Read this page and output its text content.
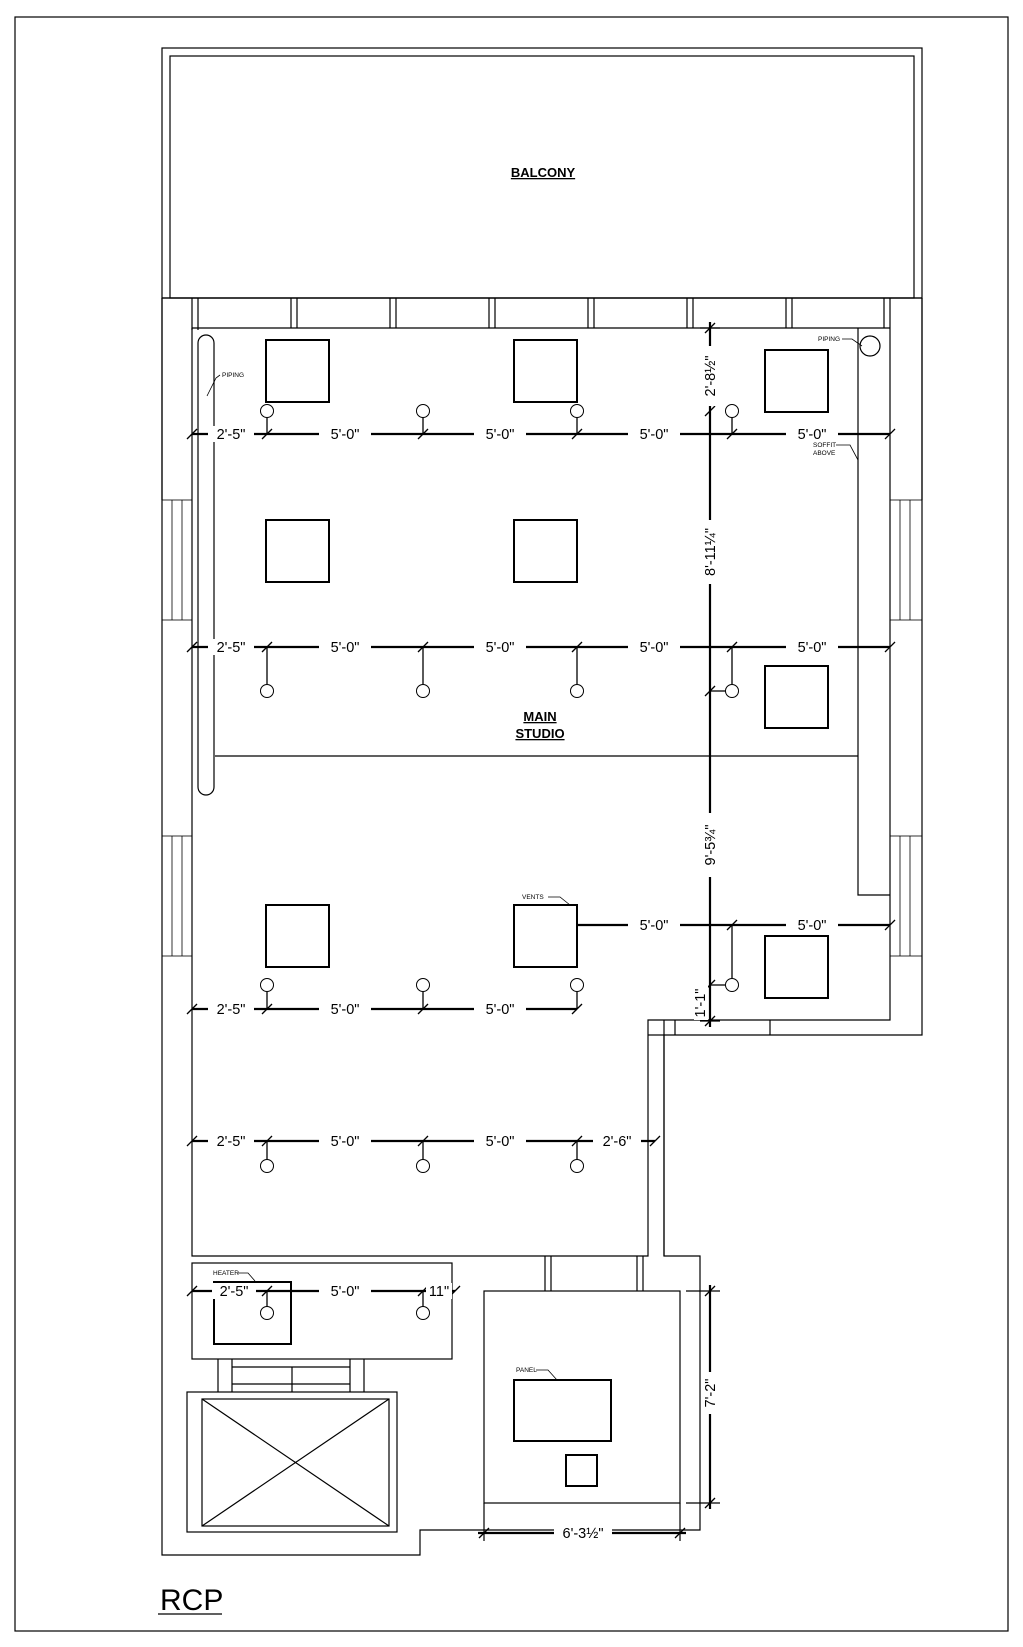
BALCONY
2'-5"	5'-0"	5'-0"	5'-0"	5'-0"
2'-5"	5'-0"	5'-0"	5'-0"	5'-0"
5'-0"	5'-0"
2'-5"	5'-0"	5'-0"
2'-5"	5'-0"	5'-0"	2'-6"
2'-5"	5'-0"	11"
6'-3½"
7'-2"
2'-8½"
8'-11¼"
9'-5¾"
1'-1"
MAIN
STUDIO
PIPING
PIPING
SOFFIT
ABOVE
VENTS
HEATER
PANEL
RCP
